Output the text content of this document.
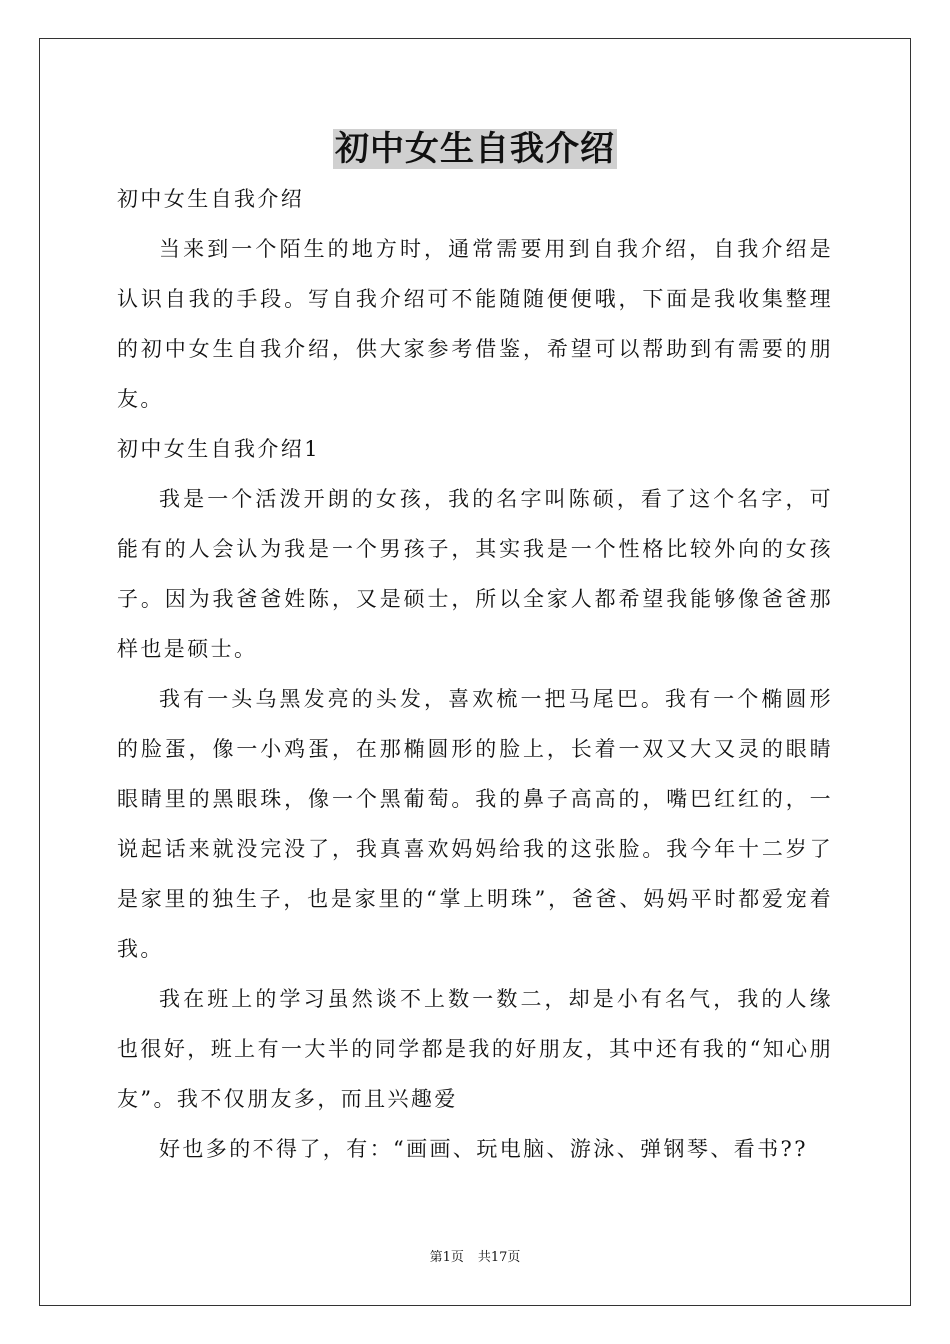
初中女生自我介绍

初中女生自我介绍

当来到一个陌生的地方时，通常需要用到自我介绍，自我介绍是认识自我的手段。写自我介绍可不能随随便便哦，下面是我收集整理的初中女生自我介绍，供大家参考借鉴，希望可以帮助到有需要的朋友。

初中女生自我介绍1

我是一个活泼开朗的女孩，我的名字叫陈硕，看了这个名字，可能有的人会认为我是一个男孩子，其实我是一个性格比较外向的女孩子。因为我爸爸姓陈，又是硕士，所以全家人都希望我能够像爸爸那样也是硕士。

我有一头乌黑发亮的头发，喜欢梳一把马尾巴。我有一个椭圆形的脸蛋，像一小鸡蛋，在那椭圆形的脸上，长着一双又大又灵的眼睛眼睛里的黑眼珠，像一个黑葡萄。我的鼻子高高的，嘴巴红红的，一说起话来就没完没了，我真喜欢妈妈给我的这张脸。我今年十二岁了是家里的独生子，也是家里的“掌上明珠”，爸爸、妈妈平时都爱宠着我。

我在班上的学习虽然谈不上数一数二，却是小有名气，我的人缘也很好，班上有一大半的同学都是我的好朋友，其中还有我的“知心朋友”。我不仅朋友多，而且兴趣爱

好也多的不得了，有：“画画、玩电脑、游泳、弹钢琴、看书??

第1页 共17页
